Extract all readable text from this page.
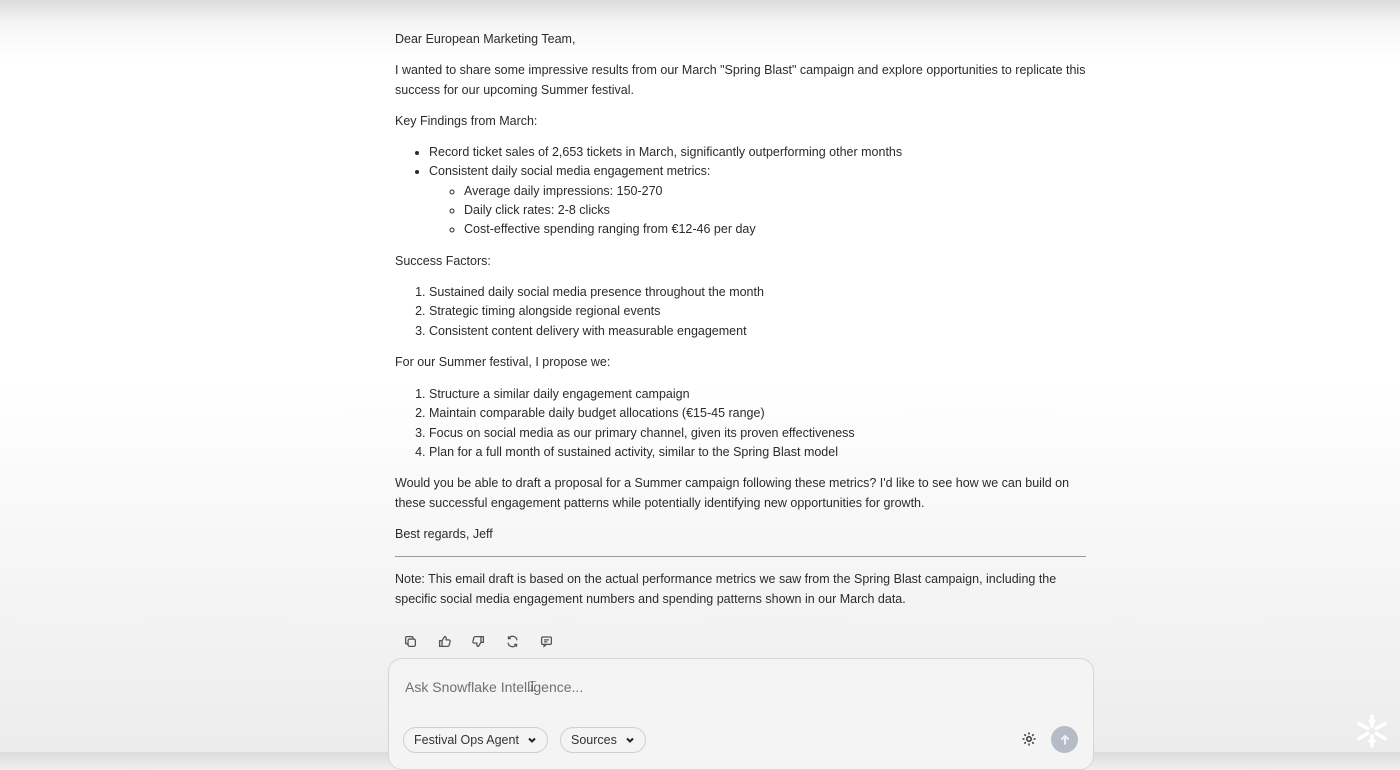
Dear European Marketing Team,

I wanted to share some impressive results from our March "Spring Blast" campaign and explore opportunities to replicate this success for our upcoming Summer festival.

Key Findings from March:

• Record ticket sales of 2,653 tickets in March, significantly outperforming other months
• Consistent daily social media engagement metrics:
◦ Average daily impressions: 150-270
◦ Daily click rates: 2-8 clicks
◦ Cost-effective spending ranging from €12-46 per day

Success Factors:

1. Sustained daily social media presence throughout the month
2. Strategic timing alongside regional events
3. Consistent content delivery with measurable engagement

For our Summer festival, I propose we:

1. Structure a similar daily engagement campaign
2. Maintain comparable daily budget allocations (€15-45 range)
3. Focus on social media as our primary channel, given its proven effectiveness
4. Plan for a full month of sustained activity, similar to the Spring Blast model

Would you be able to draft a proposal for a Summer campaign following these metrics? I'd like to see how we can build on these successful engagement patterns while potentially identifying new opportunities for growth.

Best regards, Jeff

Note: This email draft is based on the actual performance metrics we saw from the Spring Blast campaign, including the specific social media engagement numbers and spending patterns shown in our March data.

Ask Snowflake Intelligence...
⌶
Festival Ops Agent	Sources
